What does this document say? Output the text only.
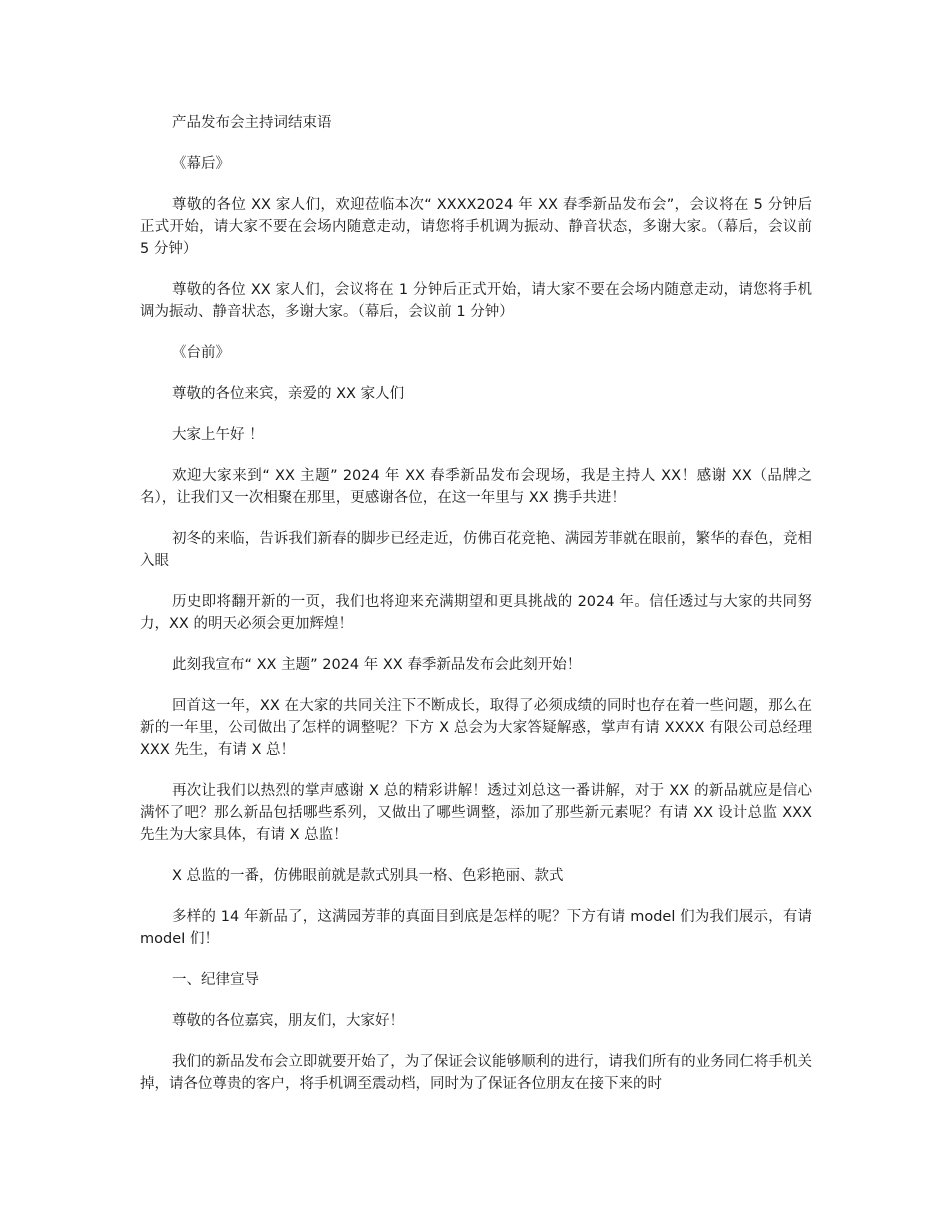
产品发布会主持词结束语

《幕后》

尊敬的各位 XX 家人们，欢迎莅临本次“ XXXX2024 年 XX 春季新品发布会”，会议将在 5 分钟后正式开始，请大家不要在会场内随意走动，请您将手机调为振动、静音状态，多谢大家。（幕后，会议前 5 分钟）

尊敬的各位 XX 家人们，会议将在 1 分钟后正式开始，请大家不要在会场内随意走动，请您将手机调为振动、静音状态，多谢大家。（幕后，会议前 1 分钟）

《台前》

尊敬的各位来宾，亲爱的 XX 家人们

大家上午好 ！

欢迎大家来到“ XX 主题” 2024 年 XX 春季新品发布会现场，我是主持人 XX！感谢 XX（品牌之名），让我们又一次相聚在那里，更感谢各位，在这一年里与 XX 携手共进！

初冬的来临，告诉我们新春的脚步已经走近，仿佛百花竞艳、满园芳菲就在眼前，繁华的春色，竞相入眼

历史即将翻开新的一页，我们也将迎来充满期望和更具挑战的 2024 年。信任透过与大家的共同努力，XX 的明天必须会更加辉煌！

此刻我宣布“ XX 主题” 2024 年 XX 春季新品发布会此刻开始！

回首这一年，XX 在大家的共同关注下不断成长，取得了必须成绩的同时也存在着一些问题，那么在新的一年里，公司做出了怎样的调整呢？下方 X 总会为大家答疑解惑，掌声有请 XXXX 有限公司总经理 XXX 先生，有请 X 总！

再次让我们以热烈的掌声感谢 X 总的精彩讲解！透过刘总这一番讲解，对于 XX 的新品就应是信心满怀了吧？那么新品包括哪些系列，又做出了哪些调整，添加了那些新元素呢？有请 XX 设计总监 XXX 先生为大家具体，有请 X 总监！

X 总监的一番，仿佛眼前就是款式别具一格、色彩艳丽、款式

多样的 14 年新品了，这满园芳菲的真面目到底是怎样的呢？下方有请 model 们为我们展示，有请 modeI 们！

一、纪律宣导

尊敬的各位嘉宾，朋友们，大家好！

我们的新品发布会立即就要开始了，为了保证会议能够顺利的进行，请我们所有的业务同仁将手机关掉，请各位尊贵的客户，将手机调至震动档，同时为了保证各位朋友在接下来的时
